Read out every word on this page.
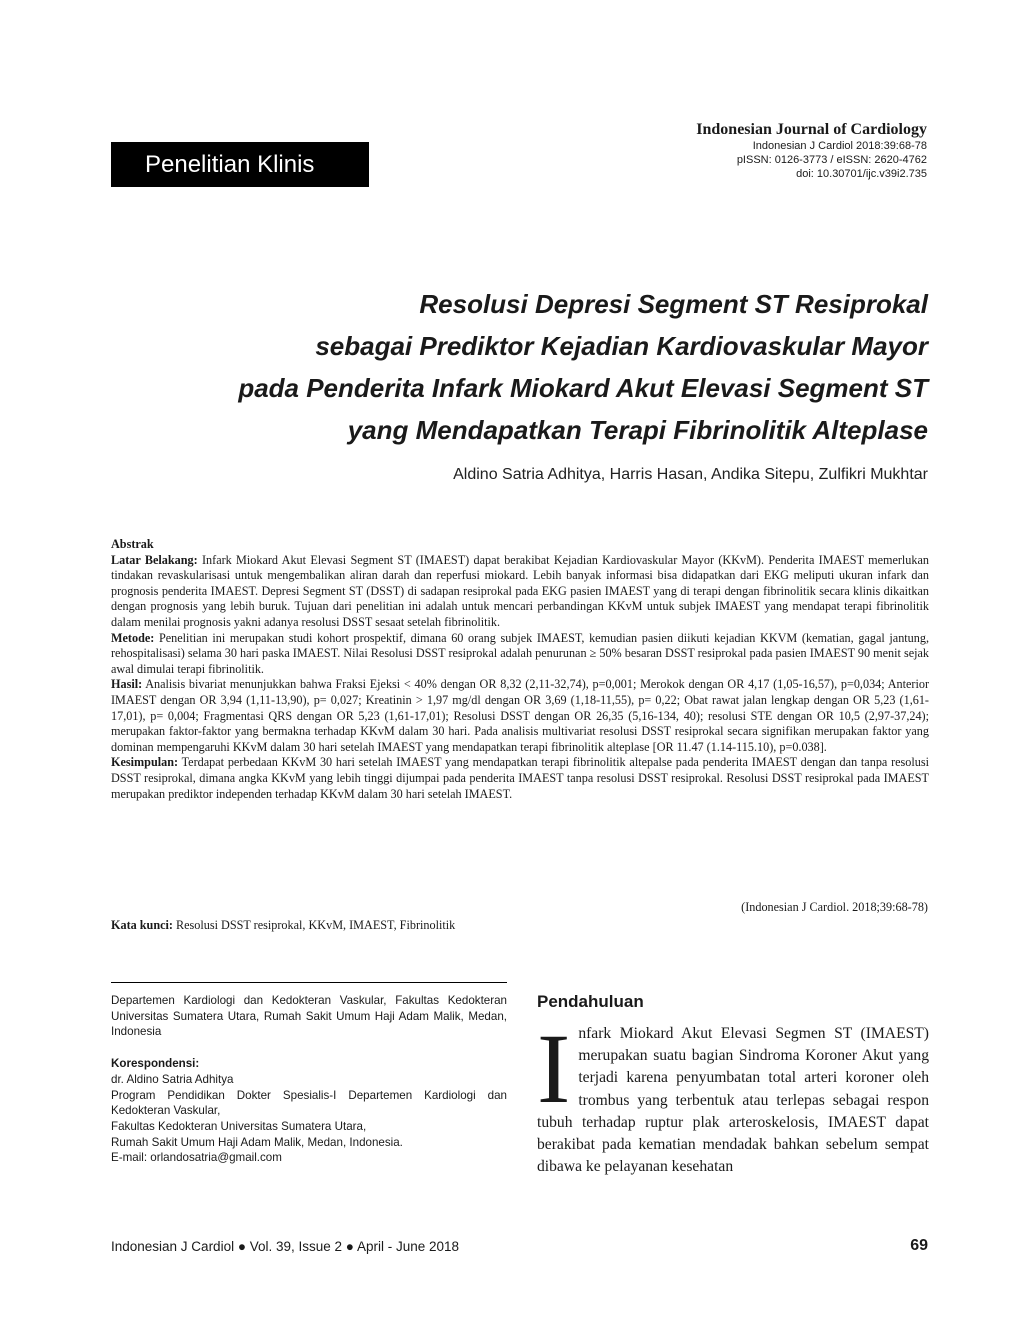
Penelitian Klinis
Indonesian Journal of Cardiology
Indonesian J Cardiol 2018:39:68-78
pISSN: 0126-3773 / eISSN: 2620-4762
doi: 10.30701/ijc.v39i2.735
Resolusi Depresi Segment ST Resiprokal
sebagai Prediktor Kejadian Kardiovaskular Mayor
pada Penderita Infark Miokard Akut Elevasi Segment ST
yang Mendapatkan Terapi Fibrinolitik Alteplase
Aldino Satria Adhitya, Harris Hasan, Andika Sitepu, Zulfikri Mukhtar

Abstrak

Latar Belakang: Infark Miokard Akut Elevasi Segment ST (IMAEST) dapat berakibat Kejadian Kardiovaskular Mayor (KKvM). Penderita IMAEST memerlukan tindakan revaskularisasi untuk mengembalikan aliran darah dan reperfusi miokard. Lebih banyak informasi bisa didapatkan dari EKG meliputi ukuran infark dan prognosis penderita IMAEST. Depresi Segment ST (DSST) di sadapan resiprokal pada EKG pasien IMAEST yang di terapi dengan fibrinolitik secara klinis dikaitkan dengan prognosis yang lebih buruk. Tujuan dari penelitian ini adalah untuk mencari perbandingan KKvM untuk subjek IMAEST yang mendapat terapi fibrinolitik dalam menilai prognosis yakni adanya resolusi DSST sesaat setelah fibrinolitik.

Metode: Penelitian ini merupakan studi kohort prospektif, dimana 60 orang subjek IMAEST, kemudian pasien diikuti kejadian KKVM (kematian, gagal jantung, rehospitalisasi) selama 30 hari paska IMAEST. Nilai Resolusi DSST resiprokal adalah penurunan ≥ 50% besaran DSST resiprokal pada pasien IMAEST 90 menit sejak awal dimulai terapi fibrinolitik.

Hasil: Analisis bivariat menunjukkan bahwa Fraksi Ejeksi < 40% dengan OR 8,32 (2,11-32,74), p=0,001; Merokok dengan OR 4,17 (1,05-16,57), p=0,034; Anterior IMAEST dengan OR 3,94 (1,11-13,90), p= 0,027; Kreatinin > 1,97 mg/dl dengan OR 3,69 (1,18-11,55), p= 0,22; Obat rawat jalan lengkap dengan OR 5,23 (1,61-17,01), p= 0,004; Fragmentasi QRS dengan OR 5,23 (1,61-17,01); Resolusi DSST dengan OR 26,35 (5,16-134, 40); resolusi STE dengan OR 10,5 (2,97-37,24); merupakan faktor-faktor yang bermakna terhadap KKvM dalam 30 hari. Pada analisis multivariat resolusi DSST resiprokal secara signifikan merupakan faktor yang dominan mempengaruhi KKvM dalam 30 hari setelah IMAEST yang mendapatkan terapi fibrinolitik alteplase [OR 11.47 (1.14-115.10), p=0.038].

Kesimpulan: Terdapat perbedaan KKvM 30 hari setelah IMAEST yang mendapatkan terapi fibrinolitik altepalse pada penderita IMAEST dengan dan tanpa resolusi DSST resiprokal, dimana angka KKvM yang lebih tinggi dijumpai pada penderita IMAEST tanpa resolusi DSST resiprokal. Resolusi DSST resiprokal pada IMAEST merupakan prediktor independen terhadap KKvM dalam 30 hari setelah IMAEST.

(Indonesian J Cardiol. 2018;39:68-78)
Kata kunci: Resolusi DSST resiprokal, KKvM, IMAEST, Fibrinolitik

Departemen Kardiologi dan Kedokteran Vaskular, Fakultas Kedokteran Universitas Sumatera Utara, Rumah Sakit Umum Haji Adam Malik, Medan, Indonesia

Korespondensi:

dr. Aldino Satria Adhitya

Program Pendidikan Dokter Spesialis-I Departemen Kardiologi dan Kedokteran Vaskular,

Fakultas Kedokteran Universitas Sumatera Utara,

Rumah Sakit Umum Haji Adam Malik, Medan, Indonesia.

E-mail: orlandosatria@gmail.com

Pendahuluan

Infark Miokard Akut Elevasi Segmen ST (IMAEST) merupakan suatu bagian Sindroma Koroner Akut yang terjadi karena penyumbatan total arteri koroner oleh trombus yang terbentuk atau terlepas sebagai respon tubuh terhadap ruptur plak arteroskelosis, IMAEST dapat berakibat pada kematian mendadak bahkan sebelum sempat dibawa ke pelayanan kesehatan

Indonesian J Cardiol ● Vol. 39, Issue 2 ● April - June 2018	69
